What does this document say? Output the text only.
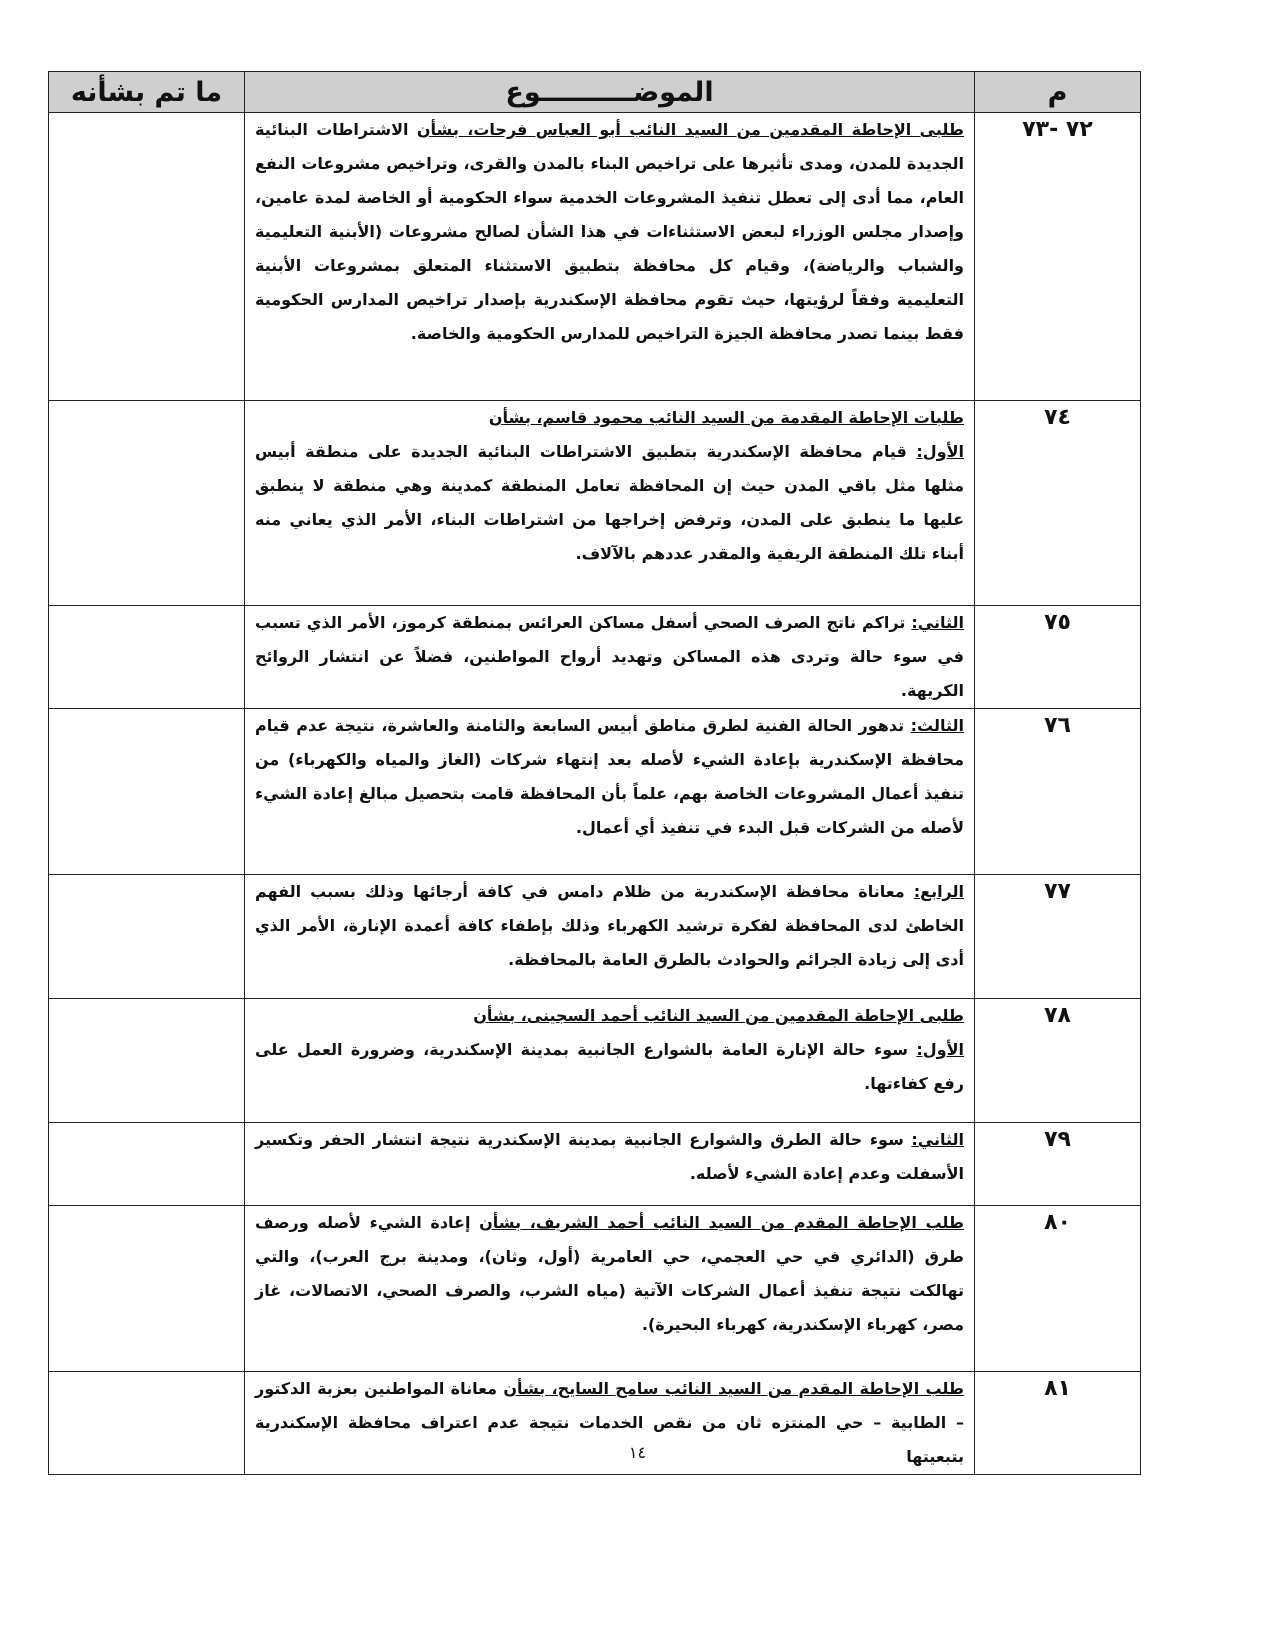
م	الموضــــــــــوع	ما تم بشأنه
٧٢ -٧٣	طلبى الإحاطة المقدمين من السيد النائب أبو العباس فرحات، بشأن الاشتراطات البنائية الجديدة للمدن، ومدى تأثيرها على تراخيص البناء بالمدن والقرى، وتراخيص مشروعات النفع العام، مما أدى إلى تعطل تنفيذ المشروعات الخدمية سواء الحكومية أو الخاصة لمدة عامين، وإصدار مجلس الوزراء لبعض الاستثناءات في هذا الشأن لصالح مشروعات (الأبنية التعليمية والشباب والرياضة)، وقيام كل محافظة بتطبيق الاستثناء المتعلق بمشروعات الأبنية التعليمية وفقاً لرؤيتها، حيث تقوم محافظة الإسكندرية بإصدار تراخيص المدارس الحكومية فقط بينما تصدر محافظة الجيزة التراخيص للمدارس الحكومية والخاصة.	

٧٤	طلبات الإحاطة المقدمة من السيد النائب محمود قاسم، بشأن

الأول: قيام محافظة الإسكندرية بتطبيق الاشتراطات البنائية الجديدة على منطقة أبيس مثلها مثل باقي المدن حيث إن المحافظة تعامل المنطقة كمدينة وهي منطقة لا ينطبق عليها ما ينطبق على المدن، وترفض إخراجها من اشتراطات البناء، الأمر الذي يعاني منه أبناء تلك المنطقة الريفية والمقدر عددهم بالآلاف.	

٧٥	الثاني: تراكم ناتج الصرف الصحي أسفل مساكن العرائس بمنطقة كرموز، الأمر الذي تسبب في سوء حالة وتردى هذه المساكن وتهديد أرواح المواطنين، فضلاً عن انتشار الروائح الكريهة.	

٧٦	الثالث: تدهور الحالة الفنية لطرق مناطق أبيس السابعة والثامنة والعاشرة، نتيجة عدم قيام محافظة الإسكندرية بإعادة الشيء لأصله بعد إنتهاء شركات (الغاز والمياه والكهرباء) من تنفيذ أعمال المشروعات الخاصة بهم، علماً بأن المحافظة قامت بتحصيل مبالغ إعادة الشيء لأصله من الشركات قبل البدء في تنفيذ أي أعمال.	

٧٧	الرابع: معاناة محافظة الإسكندرية من ظلام دامس في كافة أرجائها وذلك بسبب الفهم الخاطئ لدى المحافظة لفكرة ترشيد الكهرباء وذلك بإطفاء كافة أعمدة الإنارة، الأمر الذي أدى إلى زيادة الجرائم والحوادث بالطرق العامة بالمحافظة.	

٧٨	طلبى الإحاطة المقدمين من السيد النائب أحمد السجينى، بشأن

الأول: سوء حالة الإنارة العامة بالشوارع الجانبية بمدينة الإسكندرية، وضرورة العمل على رفع كفاءتها.	

٧٩	الثاني: سوء حالة الطرق والشوارع الجانبية بمدينة الإسكندرية نتيجة انتشار الحفر وتكسير الأسفلت وعدم إعادة الشيء لأصله.	

٨٠	طلب الإحاطة المقدم من السيد النائب أحمد الشريف، بشأن إعادة الشيء لأصله ورصف طرق (الدائري في حي العجمي، حي العامرية (أول، وثان)، ومدينة برج العرب)، والتي تهالكت نتيجة تنفيذ أعمال الشركات الآتية (مياه الشرب، والصرف الصحي، الاتصالات، غاز مصر، كهرباء الإسكندرية، كهرباء البحيرة).	

٨١	طلب الإحاطة المقدم من السيد النائب سامح السايح، بشأن معاناة المواطنين بعزبة الدكتور – الطابية – حي المنتزه ثان من نقص الخدمات نتيجة عدم اعتراف محافظة الإسكندرية بتبعيتها	

١٤
